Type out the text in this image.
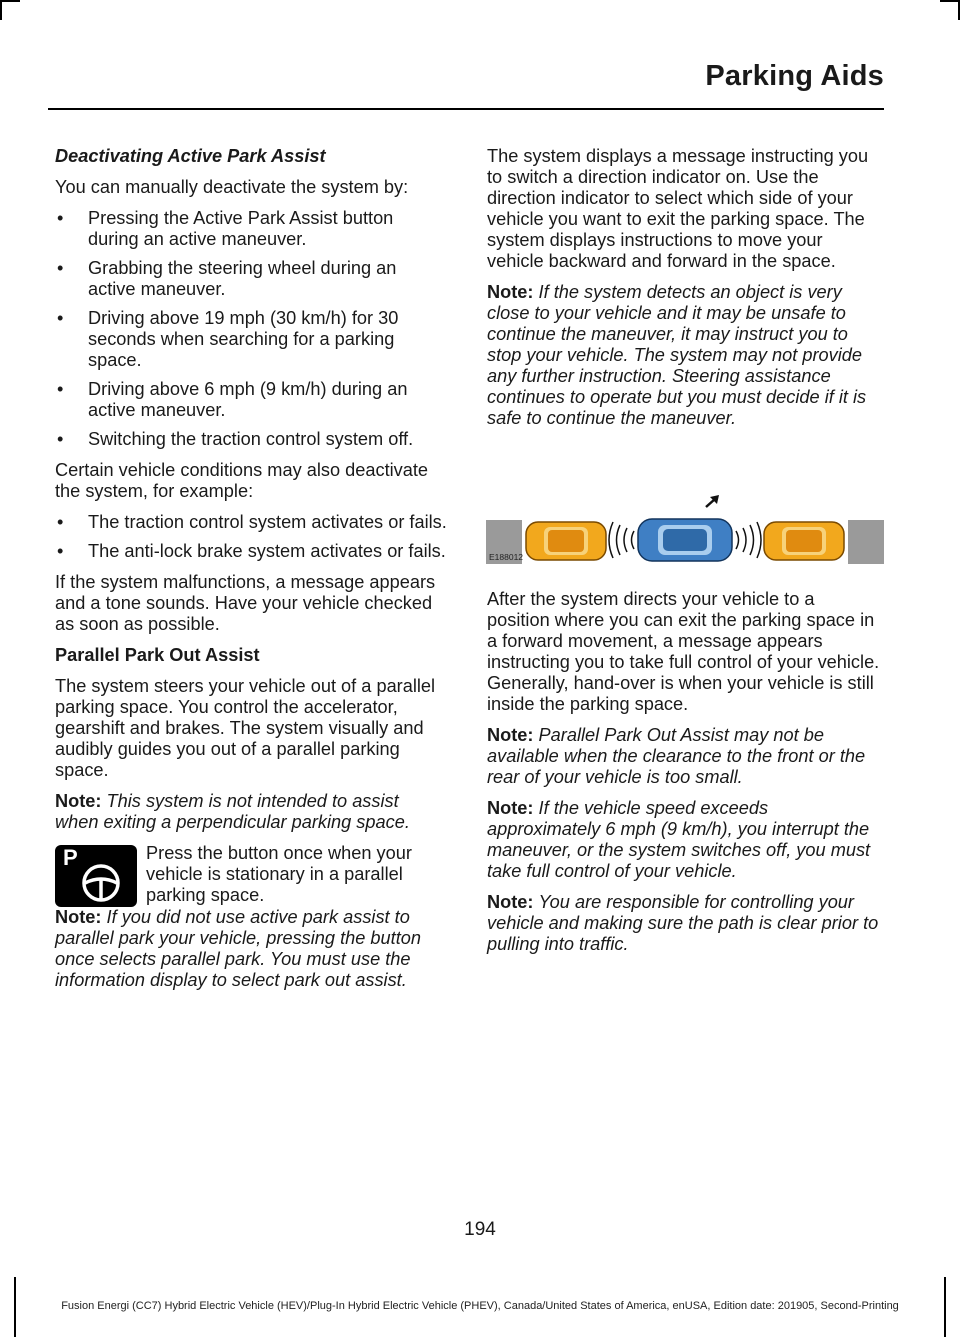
Parking Aids
Deactivating Active Park Assist

You can manually deactivate the system by:

• Pressing the Active Park Assist button during an active maneuver.
• Grabbing the steering wheel during an active maneuver.
• Driving above 19 mph (30 km/h) for 30 seconds when searching for a parking space.
• Driving above 6 mph (9 km/h) during an active maneuver.
• Switching the traction control system off.

Certain vehicle conditions may also deactivate the system, for example:

• The traction control system activates or fails.
• The anti-lock brake system activates or fails.

If the system malfunctions, a message appears and a tone sounds. Have your vehicle checked as soon as possible.

Parallel Park Out Assist

The system steers your vehicle out of a parallel parking space. You control the accelerator, gearshift and brakes. The system visually and audibly guides you out of a parallel parking space.

Note: This system is not intended to assist when exiting a perpendicular parking space.

P	Press the button once when your vehicle is stationary in a parallel parking space.

Note: If you did not use active park assist to parallel park your vehicle, pressing the button once selects parallel park. You must use the information display to select park out assist.

The system displays a message instructing you to switch a direction indicator on. Use the direction indicator to select which side of your vehicle you want to exit the parking space. The system displays instructions to move your vehicle backward and forward in the space.

Note: If the system detects an object is very close to your vehicle and it may be unsafe to continue the maneuver, it may instruct you to stop your vehicle. The system may not provide any further instruction. Steering assistance continues to operate but you must decide if it is safe to continue the maneuver.

E188012

After the system directs your vehicle to a position where you can exit the parking space in a forward movement, a message appears instructing you to take full control of your vehicle. Generally, hand-over is when your vehicle is still inside the parking space.

Note: Parallel Park Out Assist may not be available when the clearance to the front or the rear of your vehicle is too small.

Note: If the vehicle speed exceeds approximately 6 mph (9 km/h), you interrupt the maneuver, or the system switches off, you must take full control of your vehicle.

Note: You are responsible for controlling your vehicle and making sure the path is clear prior to pulling into traffic.

194
Fusion Energi (CC7) Hybrid Electric Vehicle (HEV)/Plug-In Hybrid Electric Vehicle (PHEV), Canada/United States of America, enUSA, Edition date: 201905, Second-Printing
